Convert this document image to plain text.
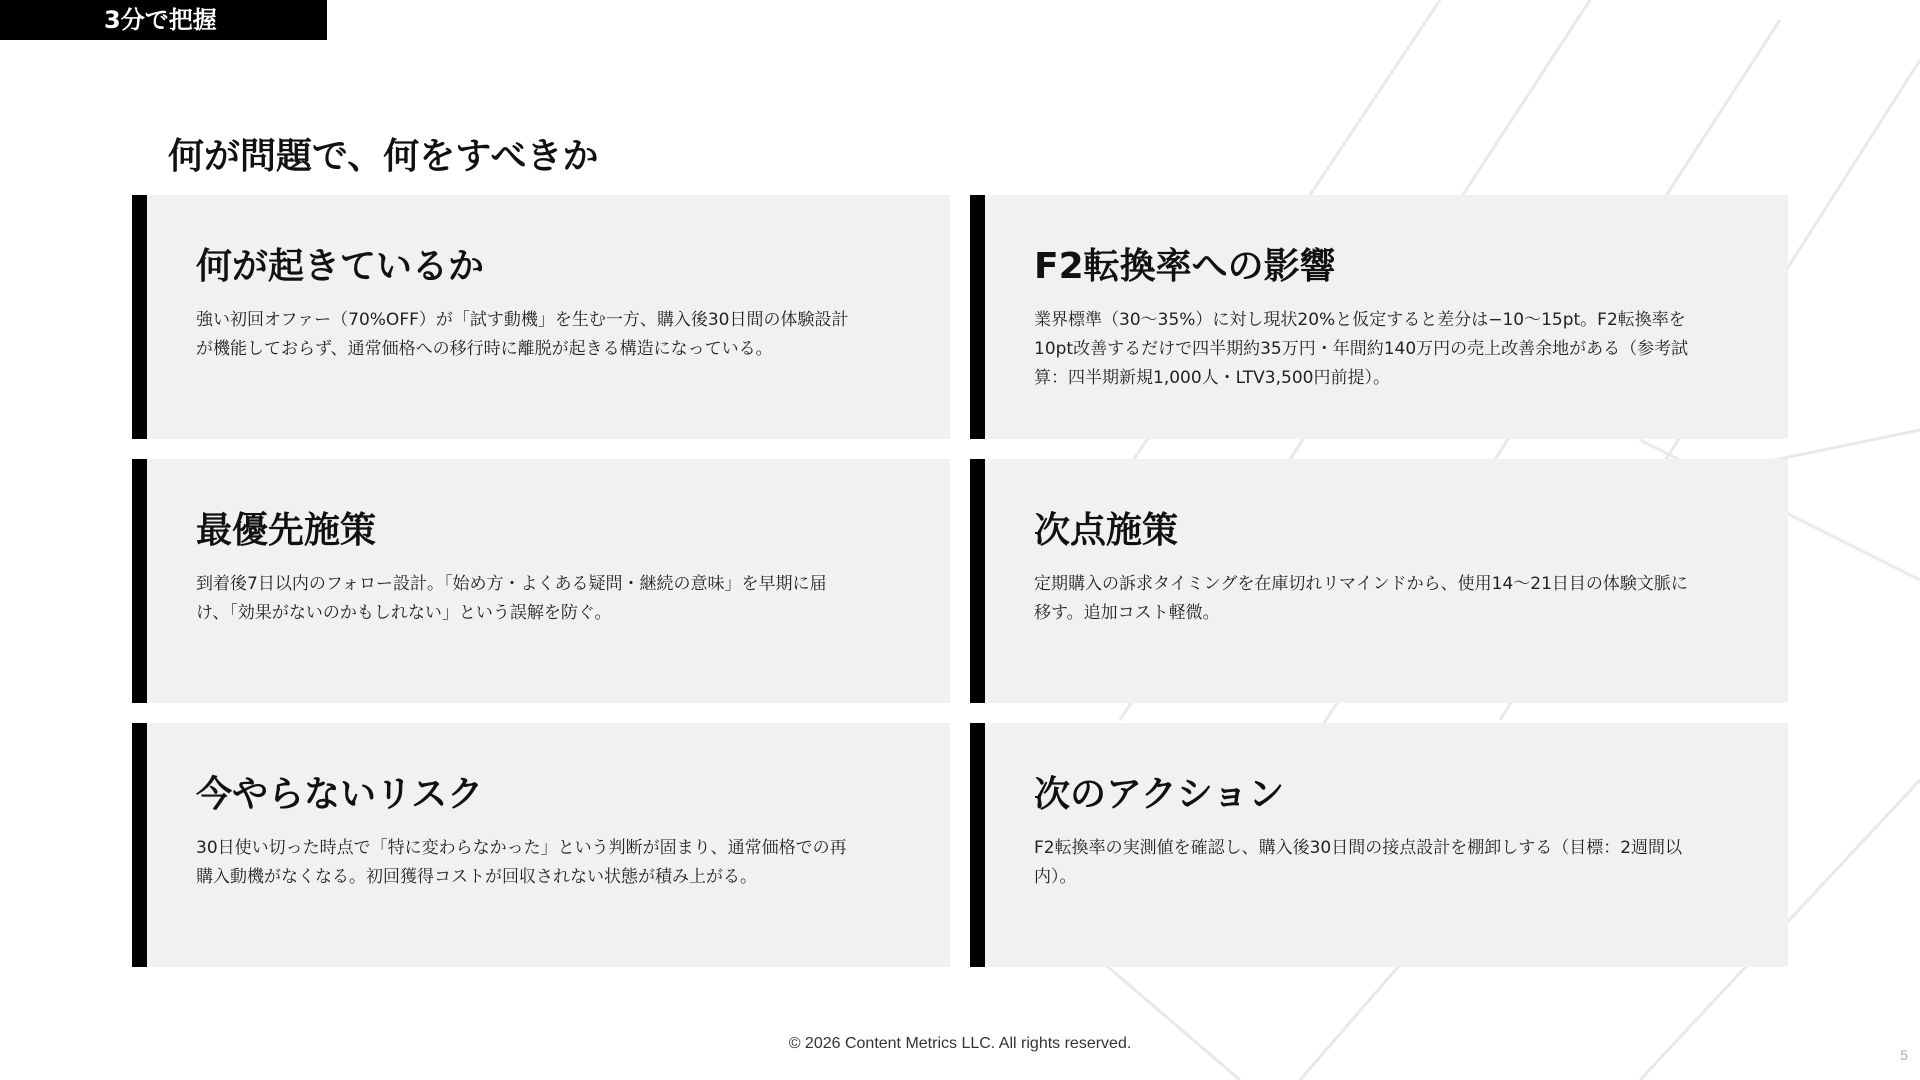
3分で把握
何が問題で、何をすべきか
何が起きているか

強い初回オファー（70%OFF）が「試す動機」を生む一方、購入後30日間の体験設計が機能しておらず、通常価格への移行時に離脱が起きる構造になっている。

F2転換率への影響

業界標準（30〜35%）に対し現状20%と仮定すると差分は−10〜15pt。F2転換率を10pt改善するだけで四半期約35万円・年間約140万円の売上改善余地がある（参考試算：四半期新規1,000人・LTV3,500円前提）。

最優先施策

到着後7日以内のフォロー設計。「始め方・よくある疑問・継続の意味」を早期に届け、「効果がないのかもしれない」という誤解を防ぐ。

次点施策

定期購入の訴求タイミングを在庫切れリマインドから、使用14〜21日目の体験文脈に移す。追加コスト軽微。

今やらないリスク

30日使い切った時点で「特に変わらなかった」という判断が固まり、通常価格での再購入動機がなくなる。初回獲得コストが回収されない状態が積み上がる。

次のアクション

F2転換率の実測値を確認し、購入後30日間の接点設計を棚卸しする（目標：2週間以内）。

© 2026 Content Metrics LLC. All rights reserved.
5
